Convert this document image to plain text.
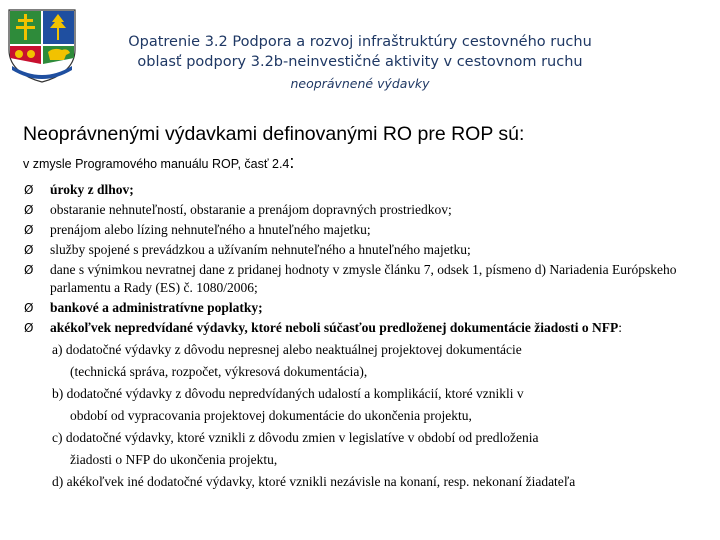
Opatrenie 3.2 Podpora a rozvoj infraštruktúry cestovného ruchu
oblasť podpory 3.2b-neinvestičné aktivity v cestovnom ruchu
neoprávnené výdavky
Neoprávnenými výdavkami definovanými RO pre ROP sú:
v zmysle Programového manuálu ROP, časť 2.4:
Ø	úroky z dlhov;
Ø	obstaranie nehnuteľností, obstaranie a prenájom dopravných prostriedkov;
Ø	prenájom alebo lízing nehnuteľného a hnuteľného majetku;
Ø	služby spojené s prevádzkou a užívaním nehnuteľného a hnuteľného majetku;
Ø	dane s výnimkou nevratnej dane z pridanej hodnoty v zmysle článku 7, odsek 1, písmeno d) Nariadenia Európskeho parlamentu a Rady (ES) č. 1080/2006;
Ø	bankové a administratívne poplatky;
Ø	akékoľvek nepredvídané výdavky, ktoré neboli súčasťou predloženej dokumentácie žiadosti o NFP:
a) dodatočné výdavky z dôvodu nepresnej alebo neaktuálnej projektovej dokumentácie
(technická správa, rozpočet, výkresová dokumentácia),
b) dodatočné výdavky z dôvodu nepredvídaných udalostí a komplikácií, ktoré vznikli v
období od vypracovania projektovej dokumentácie do ukončenia projektu,
c) dodatočné výdavky, ktoré vznikli z dôvodu zmien v legislatíve v období od predloženia
žiadosti o NFP do ukončenia projektu,
d) akékoľvek iné dodatočné výdavky, ktoré vznikli nezávisle na konaní, resp. nekonaní žiadateľa
